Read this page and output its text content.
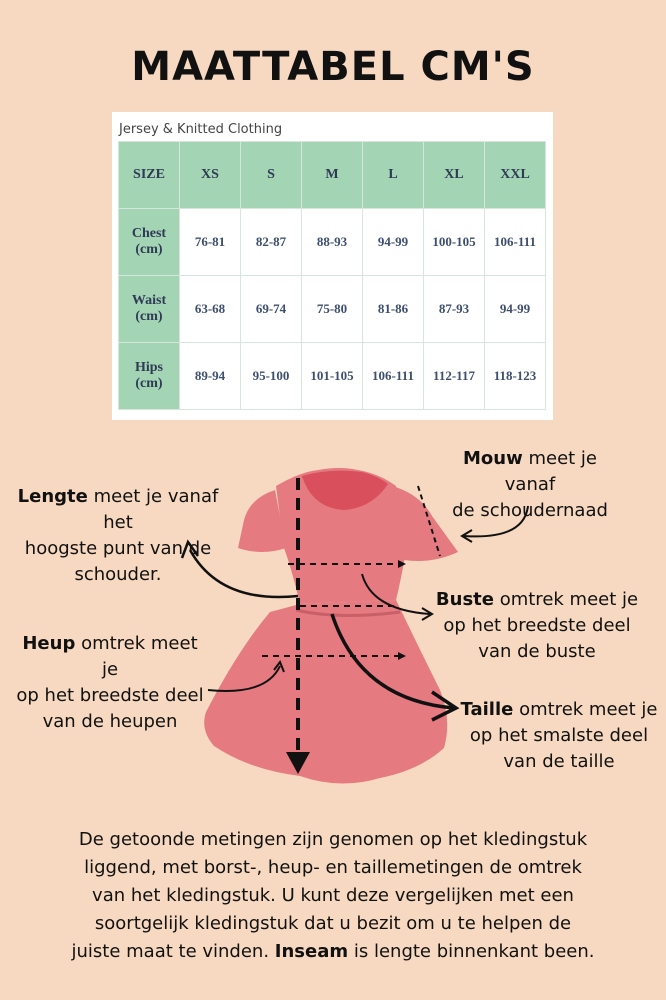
MAATTABEL CM'S
Jersey & Knitted Clothing
SIZE	XS	S	M	L	XL	XXL
Chest
(cm)	76-81	82-87	88-93	94-99	100-105	106-111
Waist
(cm)	63-68	69-74	75-80	81-86	87-93	94-99
Hips
(cm)	89-94	95-100	101-105	106-111	112-117	118-123
Lengte meet je vanaf het
hoogste punt van de
schouder.
Mouw meet je vanaf
de schoudernaad
Buste omtrek meet je
op het breedste deel
van de buste
Heup omtrek meet je
op het breedste deel
van de heupen
Taille omtrek meet je
op het smalste deel
van de taille
De getoonde metingen zijn genomen op het kledingstuk
liggend, met borst-, heup- en taillemetingen de omtrek
van het kledingstuk. U kunt deze vergelijken met een
soortgelijk kledingstuk dat u bezit om u te helpen de
juiste maat te vinden. Inseam is lengte binnenkant been.
